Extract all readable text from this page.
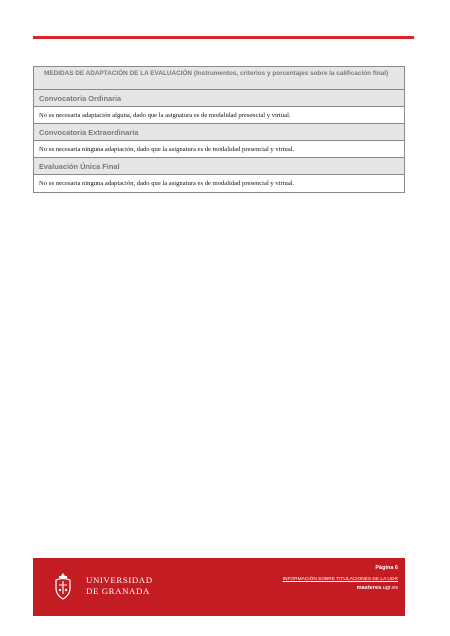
MEDIDAS DE ADAPTACIÓN DE LA EVALUACIÓN (Instrumentos, criterios y porcentajes sobre la calificación final)
Convocatoria Ordinaria
No es necesaria adaptación alguna, dado que la asignatura es de modalidad presencial y virtual.
Convocatoria Extraordinaria
No es necesaria ninguna adaptación, dado que la asignatura es de modalidad presencial y virtual.
Evaluación Única Final
No es necesaria ninguna adaptación, dado que la asignatura es de modalidad presencial y virtual.
UNIVERSIDAD
DE GRANADA
Página 6
INFORMACIÓN SOBRE TITULACIONES DE LA UGR
masteres.ugr.es
